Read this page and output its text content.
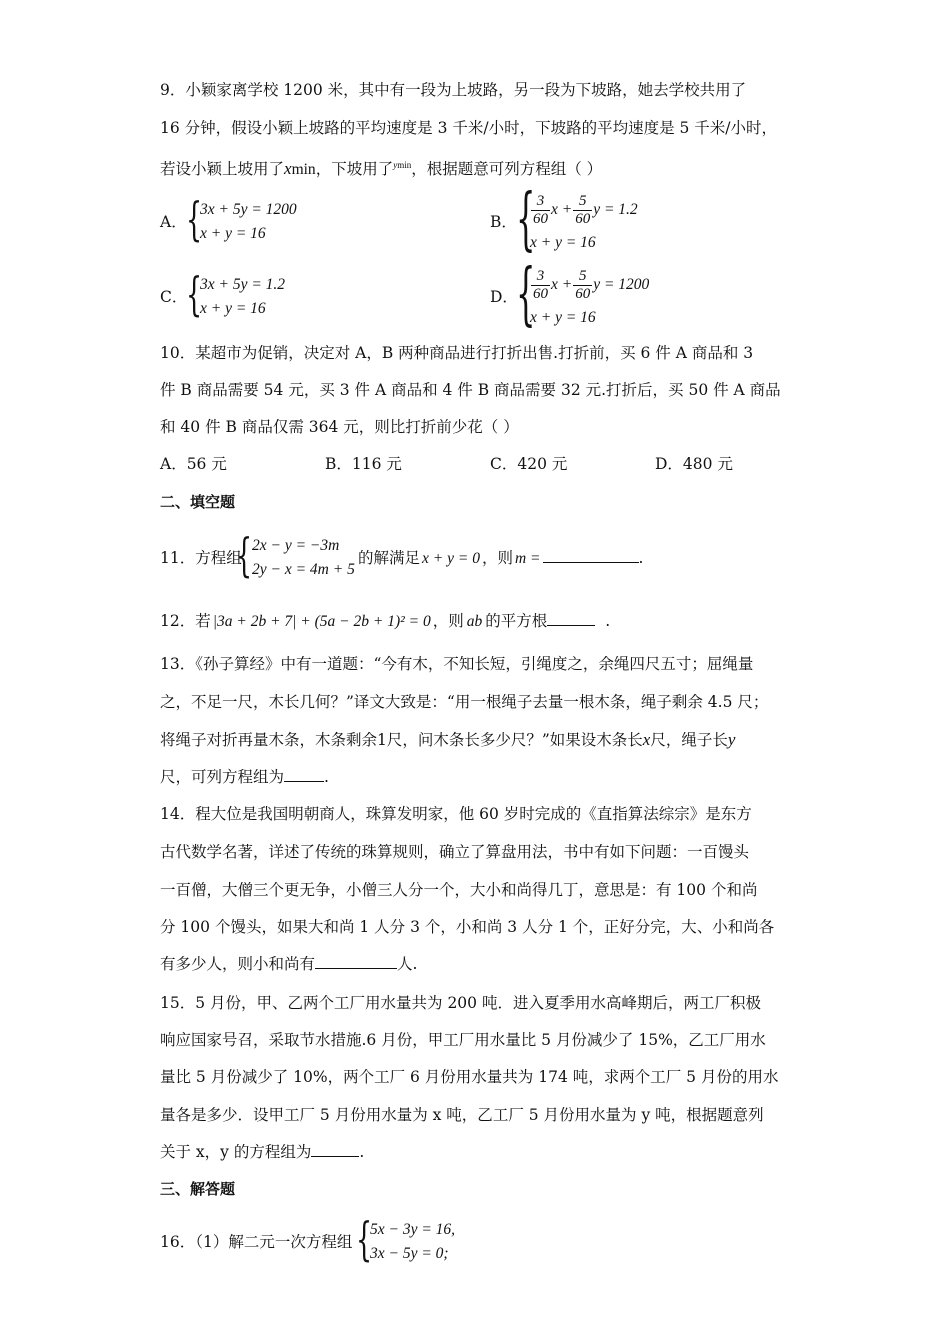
9．小颖家离学校 1200 米，其中有一段为上坡路，另一段为下坡路，她去学校共用了
16 分钟，假设小颖上坡路的平均速度是 3 千米/小时，下坡路的平均速度是 5 千米/小时，
若设小颖上坡用了xmin，下坡用了$^{ymin}$，根据题意可列方程组（ ）
A． {
3x + 5y = 1200
x + y = 16
B． {
$\frac{3}{60}$ $x + \frac{5}{60}$ y = 1.2
x + y = 16
C．
{
3x + 5y = 1.2
x + y = 16
D．
{
$\frac{3}{60}$ $x + \frac{5}{60}$ y = 1200
x + y = 16
10．某超市为促销，决定对 A，B 两种商品进行打折出售.打折前，买 6 件 A 商品和 3
件 B 商品需要 54 元，买 3 件 A 商品和 4 件 B 商品需要 32 元.打折后，买 50 件 A 商品
和 40 件 B 商品仅需 364 元，则比打折前少花（ ）
A．56 元	B．116 元	C．420 元	D．480 元
二、填空题
11．方程组
{ 2x − y = −3m
2y − x = 4m + 5
的解满足 x + y = 0 ，则 m =	.
12．若 |3a + 2b + 7| + (5a − 2b + 1)² = 0 ，则 ab 的平方根	.
13．《孙子算经》中有一道题：“今有木，不知长短，引绳度之，余绳四尺五寸；屈绳量
之，不足一尺，木长几何？”译文大致是：“用一根绳子去量一根木条，绳子剩余 4.5 尺；
将绳子对折再量木条，木条剩余1尺，问木条长多少尺？”如果设木条长x尺，绳子长y
尺，可列方程组为	.
14．程大位是我国明朝商人，珠算发明家，他 60 岁时完成的《直指算法综宗》是东方
古代数学名著，详述了传统的珠算规则，确立了算盘用法，书中有如下问题：一百馒头
一百僧，大僧三个更无争，小僧三人分一个，大小和尚得几丁，意思是：有 100 个和尚
分 100 个馒头，如果大和尚 1 人分 3 个，小和尚 3 人分 1 个，正好分完，大、小和尚各
有多少人，则小和尚有	人.
15．5 月份，甲、乙两个工厂用水量共为 200 吨．进入夏季用水高峰期后，两工厂积极
响应国家号召，采取节水措施.6 月份，甲工厂用水量比 5 月份减少了 15%，乙工厂用水
量比 5 月份减少了 10%，两个工厂 6 月份用水量共为 174 吨，求两个工厂 5 月份的用水
量各是多少．设甲工厂 5 月份用水量为 x 吨，乙工厂 5 月份用水量为 y 吨，根据题意列
关于 x，y 的方程组为	.
三、解答题
16．（1）解二元一次方程组 {
5x − 3y = 16,
3x − 5y = 0;
